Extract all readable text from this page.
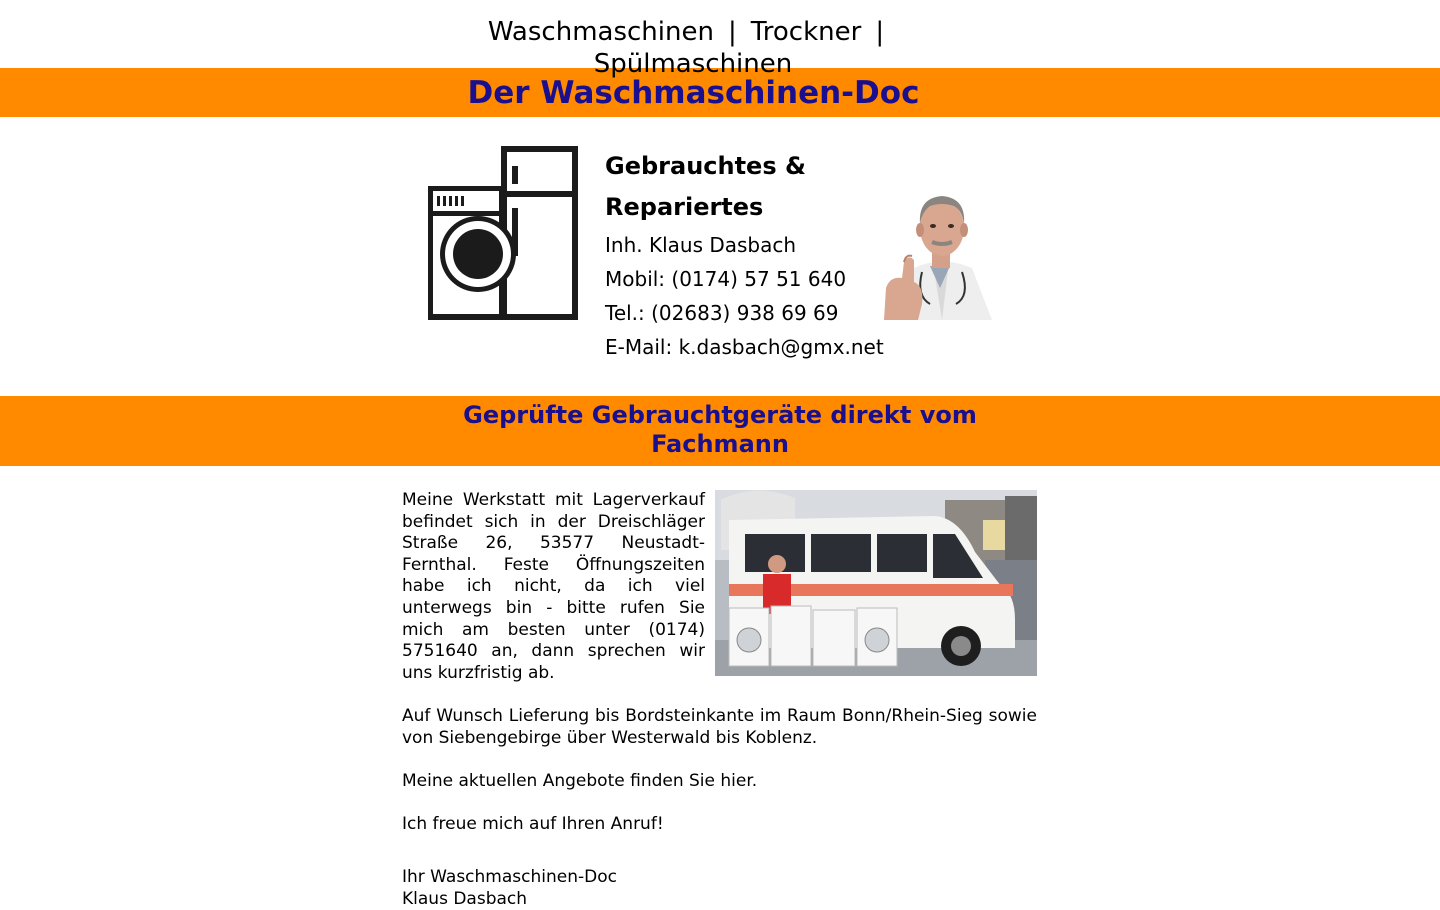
Waschmaschinen | Trockner |
Spülmaschinen
Der Waschmaschinen-Doc
Gebrauchtes & Repariertes
Inh. Klaus Dasbach
Mobil: (0174) 57 51 640
Tel.: (02683) 938 69 69
E-Mail: k.dasbach@gmx.net
Geprüfte Gebrauchtgeräte direkt vom Fachmann

Meine Werkstatt mit Lagerverkauf befindet sich in der Dreischläger Straße 26, 53577 Neustadt-Fernthal. Feste Öffnungszeiten habe ich nicht, da ich viel unterwegs bin - bitte rufen Sie mich am besten unter (0174) 5751640 an, dann sprechen wir uns kurzfristig ab.

Auf Wunsch Lieferung bis Bordsteinkante im Raum Bonn/Rhein-Sieg sowie von Siebengebirge über Westerwald bis Koblenz.

Meine aktuellen Angebote finden Sie hier.

Ich freue mich auf Ihren Anruf!

Ihr Waschmaschinen-Doc
Klaus Dasbach
